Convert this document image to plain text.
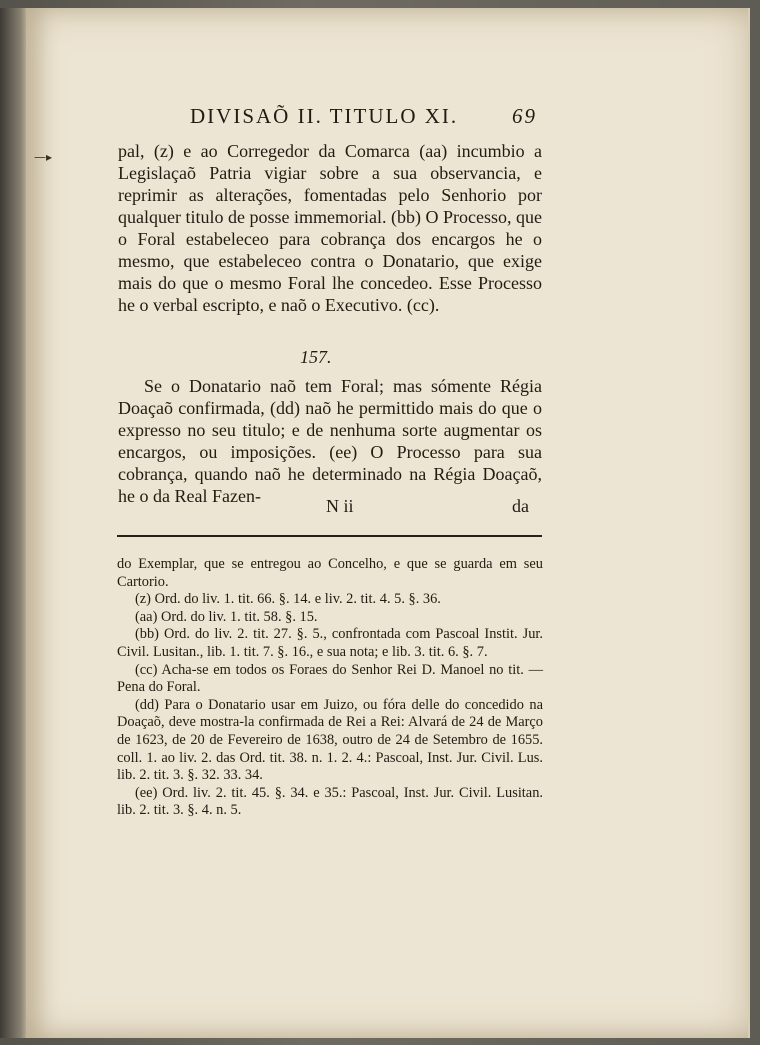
—▸
DIVISAÕ II. TITULO XI.	69

pal, (z) e ao Corregedor da Comarca (aa) incumbio a Legislaçaõ Patria vigiar sobre a sua observancia, e reprimir as alterações, fomentadas pelo Senhorio por qualquer titulo de posse immemorial. (bb) O Processo, que o Foral estabeleceo para cobrança dos encargos he o mesmo, que estabeleceo contra o Donatario, que exige mais do que o mesmo Foral lhe concedeo. Esse Processo he o verbal escripto, e naõ o Executivo. (cc).

157.
Se o Donatario naõ tem Foral; mas sómente Régia Doaçaõ confirmada, (dd) naõ he permittido mais do que o expresso no seu titulo; e de nenhuma sorte augmentar os encargos, ou imposições. (ee) O Processo para sua cobrança, quando naõ he determinado na Régia Doaçaõ, he o da Real Fazen-	N ii	da

do Exemplar, que se entregou ao Concelho, e que se guarda em seu Cartorio.

(z) Ord. do liv. 1. tit. 66. §. 14. e liv. 2. tit. 4. 5. §. 36.

(aa) Ord. do liv. 1. tit. 58. §. 15.

(bb) Ord. do liv. 2. tit. 27. §. 5., confrontada com Pascoal Instit. Jur. Civil. Lusitan., lib. 1. tit. 7. §. 16., e sua nota; e lib. 3. tit. 6. §. 7.

(cc) Acha-se em todos os Foraes do Senhor Rei D. Manoel no tit. — Pena do Foral.

(dd) Para o Donatario usar em Juizo, ou fóra delle do concedido na Doaçaõ, deve mostra-la confirmada de Rei a Rei: Alvará de 24 de Março de 1623, de 20 de Fevereiro de 1638, outro de 24 de Setembro de 1655. coll. 1. ao liv. 2. das Ord. tit. 38. n. 1. 2. 4.: Pascoal, Inst. Jur. Civil. Lus. lib. 2. tit. 3. §. 32. 33. 34.

(ee) Ord. liv. 2. tit. 45. §. 34. e 35.: Pascoal, Inst. Jur. Civil. Lusitan. lib. 2. tit. 3. §. 4. n. 5.
